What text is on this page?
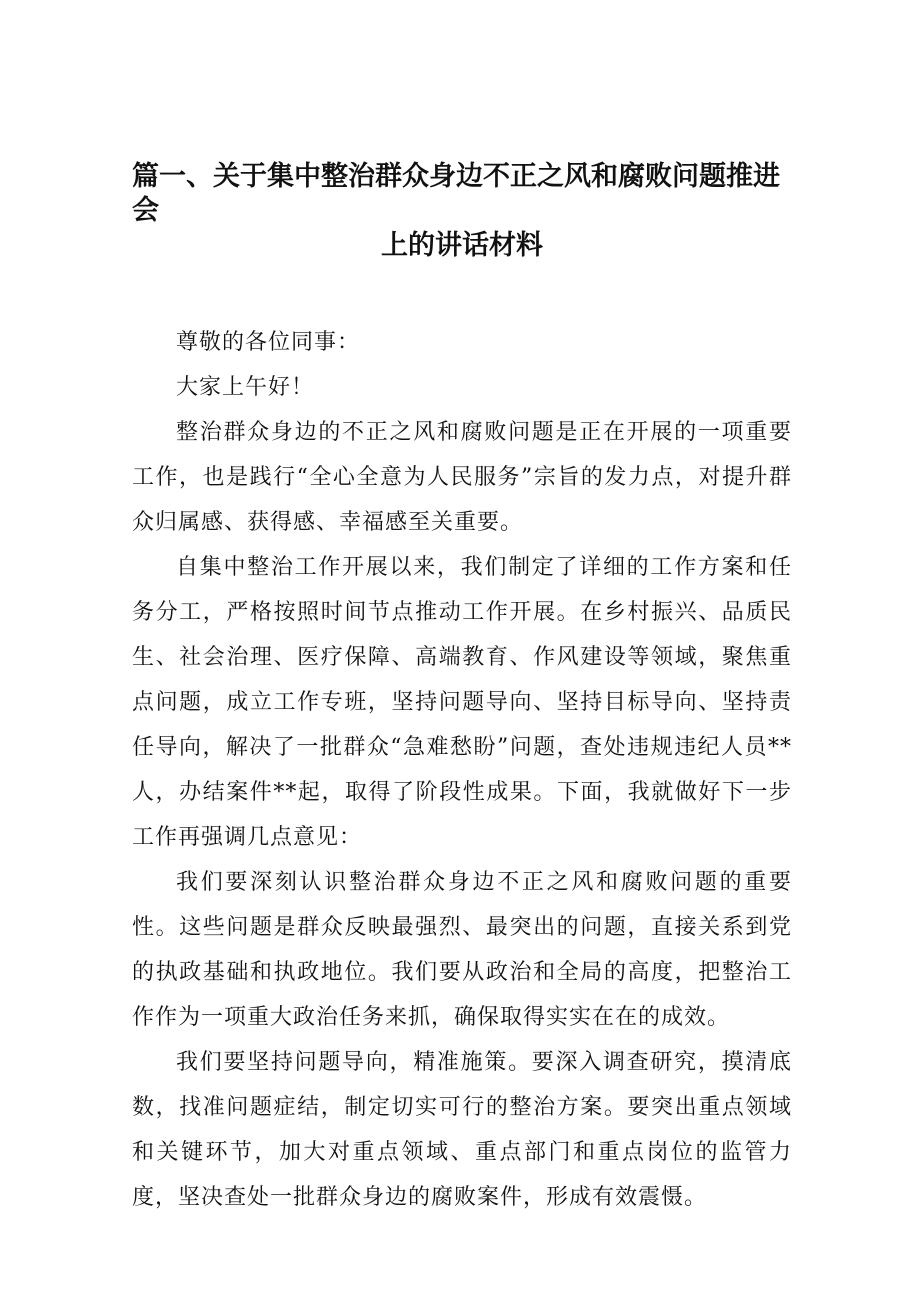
篇一、关于集中整治群众身边不正之风和腐败问题推进会
上的讲话材料

尊敬的各位同事：

大家上午好！

整治群众身边的不正之风和腐败问题是正在开展的一项重要工作，也是践行“全心全意为人民服务”宗旨的发力点，对提升群众归属感、获得感、幸福感至关重要。

自集中整治工作开展以来，我们制定了详细的工作方案和任务分工，严格按照时间节点推动工作开展。在乡村振兴、品质民生、社会治理、医疗保障、高端教育、作风建设等领域，聚焦重点问题，成立工作专班，坚持问题导向、坚持目标导向、坚持责任导向，解决了一批群众“急难愁盼”问题，查处违规违纪人员**人，办结案件**起，取得了阶段性成果。下面，我就做好下一步工作再强调几点意见：

我们要深刻认识整治群众身边不正之风和腐败问题的重要性。这些问题是群众反映最强烈、最突出的问题，直接关系到党的执政基础和执政地位。我们要从政治和全局的高度，把整治工作作为一项重大政治任务来抓，确保取得实实在在的成效。

我们要坚持问题导向，精准施策。要深入调查研究，摸清底数，找准问题症结，制定切实可行的整治方案。要突出重点领域和关键环节，加大对重点领域、重点部门和重点岗位的监管力度，坚决查处一批群众身边的腐败案件，形成有效震慑。
